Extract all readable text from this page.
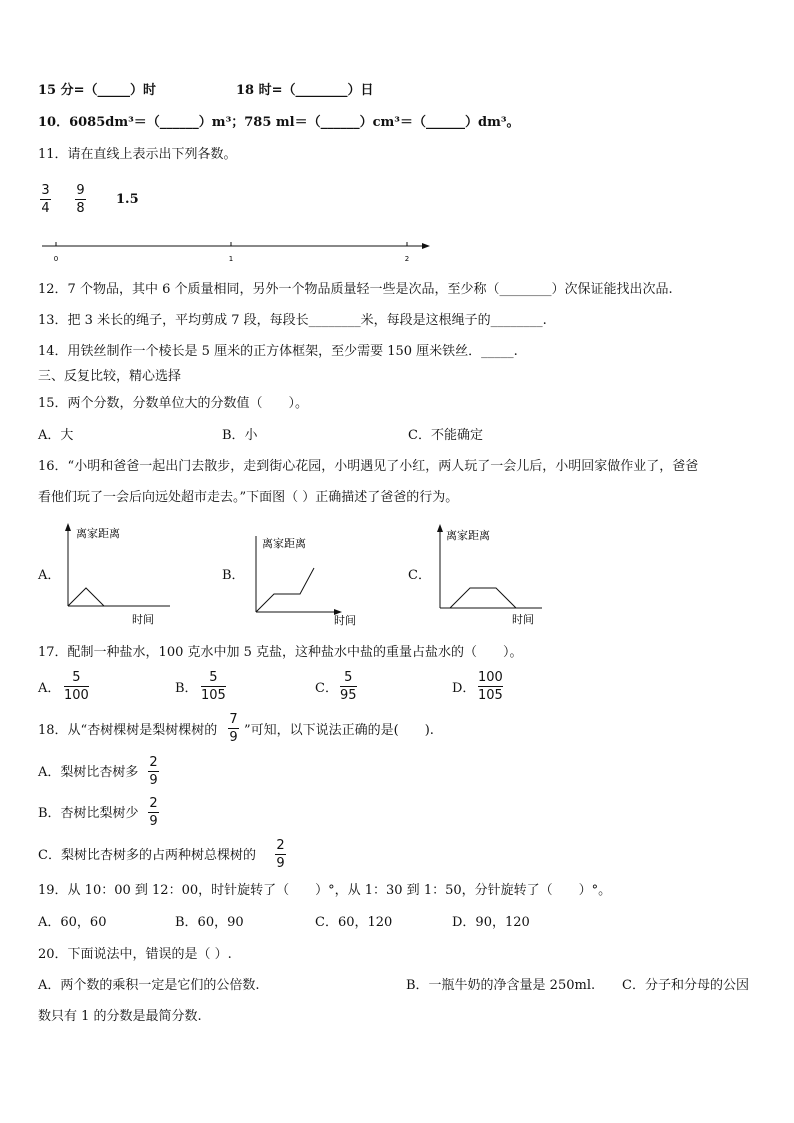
15 分=（_____）时	18 时=（________）日
10．6085dm³＝（______）m³；785 ml＝（______）cm³＝（______）dm³。
11．请在直线上表示出下列各数。
3
4
9
8
1.5
0	1	2
12．7 个物品，其中 6 个质量相同，另外一个物品质量轻一些是次品，至少称（________）次保证能找出次品.
13．把 3 米长的绳子，平均剪成 7 段，每段长________米，每段是这根绳子的________.
14．用铁丝制作一个棱长是 5 厘米的正方体框架，至少需要 150 厘米铁丝．_____.
三、反复比较，精心选择
15．两个分数，分数单位大的分数值（　　）。
A．大	B．小	C．不能确定
16．“小明和爸爸一起出门去散步，走到街心花园，小明遇见了小红，两人玩了一会儿后，小明回家做作业了，爸爸
看他们玩了一会后向远处超市走去。”下面图（ ）正确描述了爸爸的行为。
A．
离家距离
时间
B．
离家距离
时间
C．
离家距离
时间
17．配制一种盐水，100 克水中加 5 克盐，这种盐水中盐的重量占盐水的（　　）。
A．
5
100	B．
5
105	C．
5
95	D．
100
105
18．从“杏树棵树是梨树棵树的
7
9 ”可知，以下说法正确的是(　　).
A．梨树比杏树多
2
9
B．杏树比梨树少
2
9
C．梨树比杏树多的占两种树总棵树的
2
9
19．从 10：00 到 12：00，时针旋转了（　　）°，从 1：30 到 1：50，分针旋转了（　　）°。
A．60，60	B．60，90	C．60，120	D．90，120
20．下面说法中，错误的是（ ）.
A．两个数的乘积一定是它们的公倍数.	B．一瓶牛奶的净含量是 250ml. C．分子和分母的公因
数只有 1 的分数是最简分数.
